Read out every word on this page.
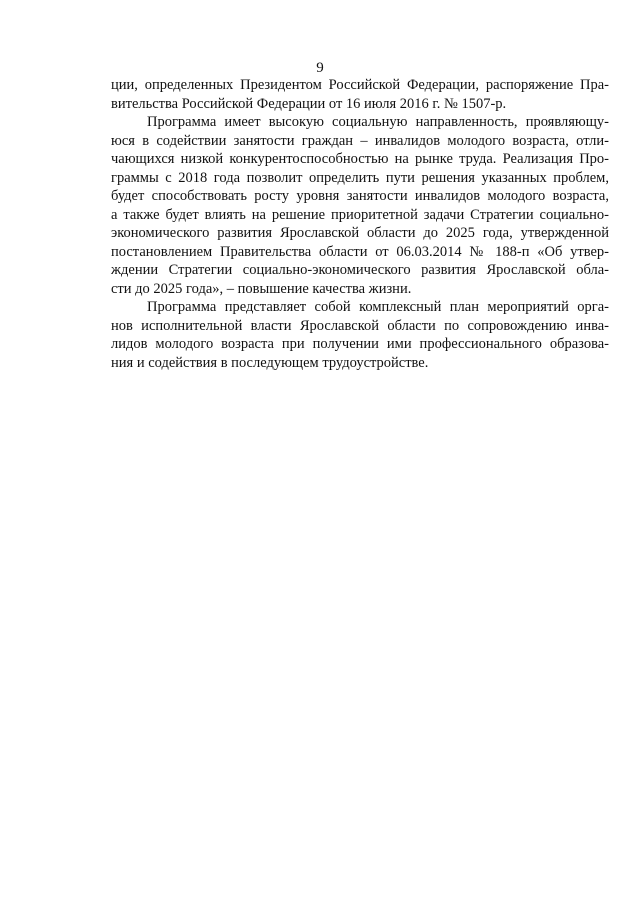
9
ции, определенных Президентом Российской Федерации, распоряжение Пра-
вительства Российской Федерации от 16 июля 2016 г. № 1507-р.
Программа имеет высокую социальную направленность, проявляющу-
юся в содействии занятости граждан – инвалидов молодого возраста, отли-
чающихся низкой конкурентоспособностью на рынке труда. Реализация Про-
граммы с 2018 года позволит определить пути решения указанных проблем,
будет способствовать росту уровня занятости инвалидов молодого возраста,
а также будет влиять на решение приоритетной задачи Стратегии социально-
экономического развития Ярославской области до 2025 года, утвержденной
постановлением Правительства области от 06.03.2014 № 188-п «Об утвер-
ждении Стратегии социально-экономического развития Ярославской обла-
сти до 2025 года», – повышение качества жизни.
Программа представляет собой комплексный план мероприятий орга-
нов исполнительной власти Ярославской области по сопровождению инва-
лидов молодого возраста при получении ими профессионального образова-
ния и содействия в последующем трудоустройстве.
